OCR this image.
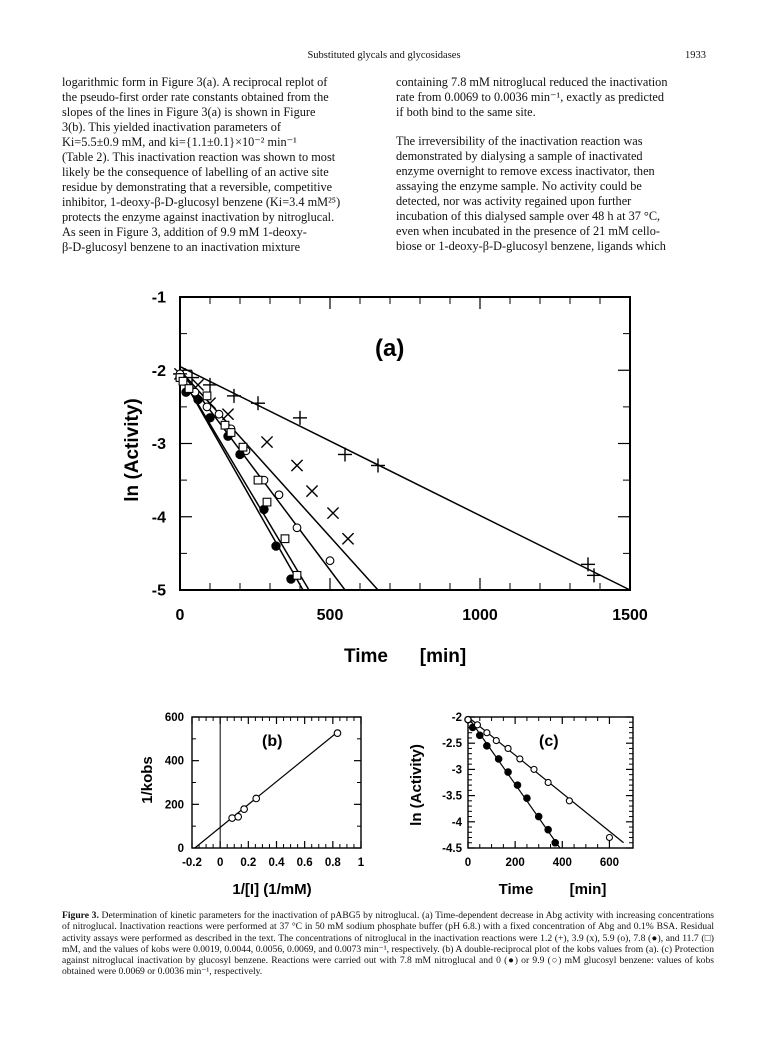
Substituted glycals and glycosidases	1933

logarithmic form in Figure 3(a). A reciprocal replot of
the pseudo-first order rate constants obtained from the
slopes of the lines in Figure 3(a) is shown in Figure
3(b). This yielded inactivation parameters of
Ki=5.5±0.9 mM, and ki={1.1±0.1}×10⁻² min⁻¹
(Table 2). This inactivation reaction was shown to most
likely be the consequence of labelling of an active site
residue by demonstrating that a reversible, competitive
inhibitor, 1-deoxy-β-D-glucosyl benzene (Ki=3.4 mM²⁵)
protects the enzyme against inactivation by nitroglucal.
As seen in Figure 3, addition of 9.9 mM 1-deoxy-
β-D-glucosyl benzene to an inactivation mixture

containing 7.8 mM nitroglucal reduced the inactivation
rate from 0.0069 to 0.0036 min⁻¹, exactly as predicted
if both bind to the same site.

The irreversibility of the inactivation reaction was
demonstrated by dialysing a sample of inactivated
enzyme overnight to remove excess inactivator, then
assaying the enzyme sample. No activity could be
detected, nor was activity regained upon further
incubation of this dialysed sample over 48 h at 37 °C,
even when incubated in the presence of 21 mM cello-
biose or 1-deoxy-β-D-glucosyl benzene, ligands which

0	500	1000	1500
-1
-2
-3
-4
-5
-0.2 0 0.2 0.4 0.6 0.8 1
0
200
400
600
0	200 400 600
-2
-2.5
-3
-3.5
-4
-4.5
(a)
ln (Activity)
Time [min]
(b)
1/kobs
1/[I] (1/mM)
(c)
ln (Activity)
Time [min]
Figure 3. Determination of kinetic parameters for the inactivation of pABG5 by nitroglucal. (a) Time-dependent decrease in Abg activity with increasing concentrations of nitroglucal. Inactivation reactions were performed at 37 °C in 50 mM sodium phosphate buffer (pH 6.8.) with a fixed concentration of Abg and 0.1% BSA. Residual activity assays were performed as described in the text. The concentrations of nitroglucal in the inactivation reactions were 1.2 (+), 3.9 (x), 5.9 (o), 7.8 (●), and 11.7 (□) mM, and the values of kobs were 0.0019, 0.0044, 0.0056, 0.0069, and 0.0073 min⁻¹, respectively. (b) A double-reciprocal plot of the kobs values from (a). (c) Protection against nitroglucal inactivation by glucosyl benzene. Reactions were carried out with 7.8 mM nitroglucal and 0 (●) or 9.9 (○) mM glucosyl benzene: values of kobs obtained were 0.0069 or 0.0036 min⁻¹, respectively.
